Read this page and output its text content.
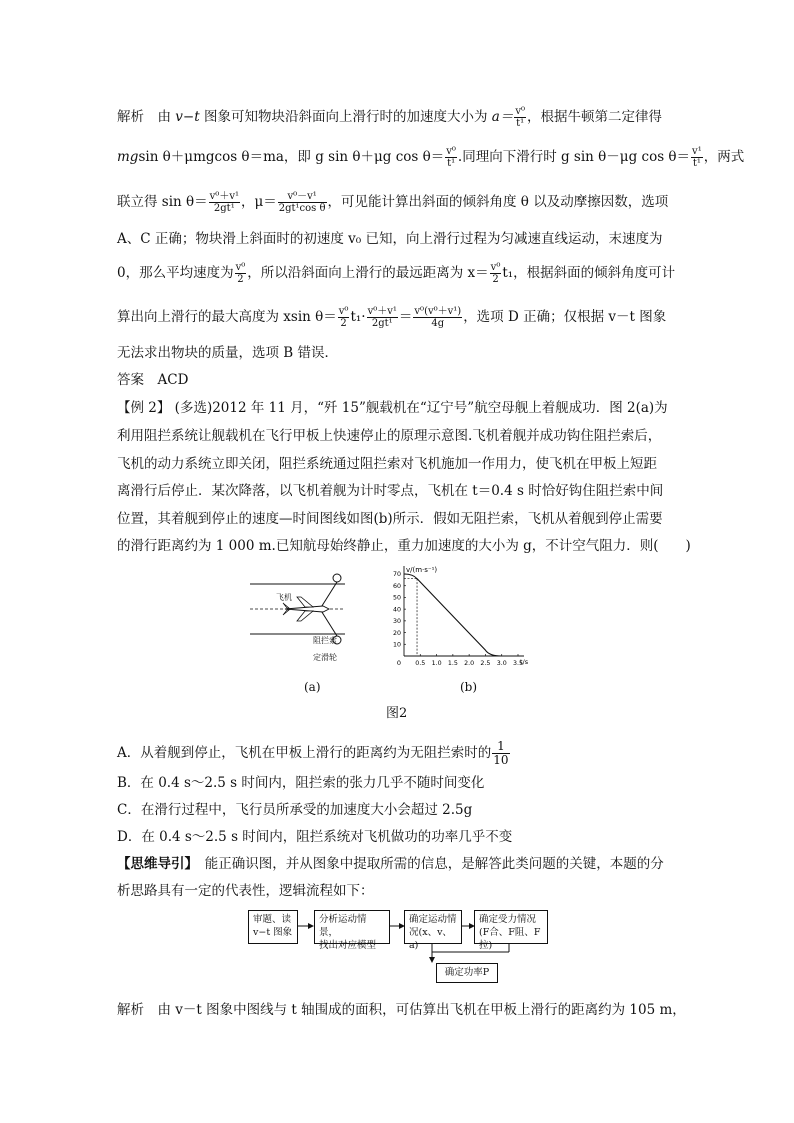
解析　由 v−t 图象可知物块沿斜面向上滑行时的加速度大小为 $a= \frac{\text{v⁰}}{\text{t¹}}$ ，根据牛顿第二定律得
mgsin θ＋μmgcos θ＝ma，即 g sin θ＋μg $\cos \theta= \frac{\text{v⁰}}{\text{t¹}}$ .同理向下滑行时 g sin θ－μg $\cos \theta= \frac{\text{v¹}}{\text{t¹}}$ ，两式
联立得 $\sin \theta= \frac{\text{v⁰＋v¹}}{\text{2gt¹}}$ ，$\mu= \frac{\text{v⁰－v¹}}{\text{2gt¹cos θ}}$ ，可见能计算出斜面的倾斜角度 θ 以及动摩擦因数，选项
A、C 正确；物块滑上斜面时的初速度 v₀ 已知，向上滑行过程为匀减速直线运动，末速度为
0，那么平均速度为 $\frac{\text{v⁰}}{2}$ ，所以沿斜面向上滑行的最远距离为 $x= \frac{\text{v⁰}}{2} t_1$，根据斜面的倾斜角度可计
算出向上滑行的最大高度为 xsin $\theta= \frac{\text{v⁰}}{2} t_1\cdot \frac{\text{v⁰＋v¹}}{\text{2gt¹}} = \frac{\text{v⁰(v⁰＋v¹)}}{4g}$ ，选项 D 正确；仅根据 v－t 图象
无法求出物块的质量，选项 B 错误．
答案　ACD
【例 2】 (多选)2012 年 11 月，“歼 15”舰载机在“辽宁号”航空母舰上着舰成功．图 2(a)为
利用阻拦系统让舰载机在飞行甲板上快速停止的原理示意图.飞机着舰并成功钩住阻拦索后，
飞机的动力系统立即关闭，阻拦系统通过阻拦索对飞机施加一作用力，使飞机在甲板上短距
离滑行后停止．某次降落，以飞机着舰为计时零点，飞机在 t＝0.4 s 时恰好钩住阻拦索中间
位置，其着舰到停止的速度—时间图线如图(b)所示．假如无阻拦索，飞机从着舰到停止需要
的滑行距离约为 1 000 m.已知航母始终静止，重力加速度的大小为 g，不计空气阻力．则(　　)
飞机
阻拦索
定滑轮
(a)
0
v/(m·s⁻¹)
t/s
0.5 1.0 1.5 2.0 2.5 3.0 3.5
10
20
30
40
50
60
70
(b)
图2
A．从着舰到停止，飞机在甲板上滑行的距离约为无阻拦索时的 $\frac{1}{10}$
B．在 0.4 s～2.5 s 时间内，阻拦索的张力几乎不随时间变化
C．在滑行过程中，飞行员所承受的加速度大小会超过 2.5g
D．在 0.4 s～2.5 s 时间内，阻拦系统对飞机做功的功率几乎不变
【思维导引】　能正确识图，并从图象中提取所需的信息，是解答此类问题的关键，本题的分
析思路具有一定的代表性，逻辑流程如下：
审题、读
v−t 图象
分析运动情景，
找出对应模型
确定运动情
况(x、v、a)
确定受力情况
(F合、F阻、F拉)
确定功率P
解析　由 v－t 图象中图线与 t 轴围成的面积，可估算出飞机在甲板上滑行的距离约为 105 m，
